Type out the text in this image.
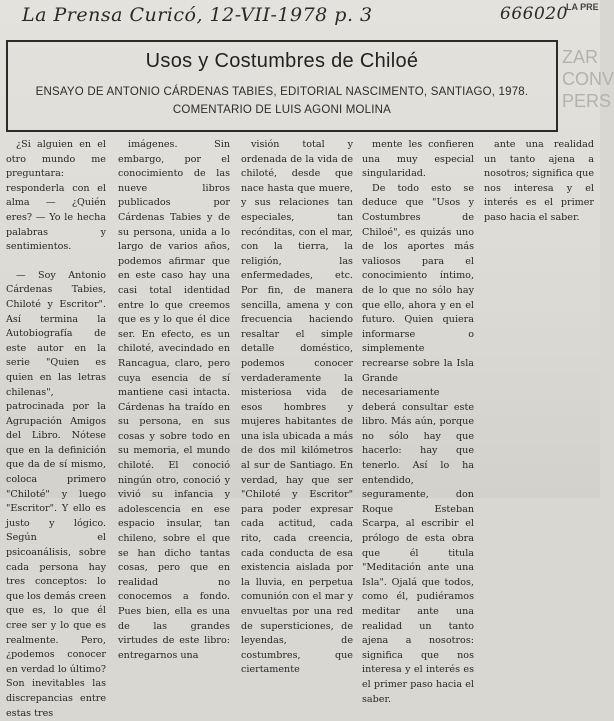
La Prensa Curicó, 12-VII-1978 p. 3	666020
LA PRE
Usos y Costumbres de Chiloé
ENSAYO DE ANTONIO CÁRDENAS TABIES, EDITORIAL NASCIMENTO, SANTIAGO, 1978.
COMENTARIO DE LUIS AGONI MOLINA
ZAR CONV PERS

¿Si alguien en el otro mundo me preguntara: responderla con el alma — ¿Quién eres? — Yo le hecha palabras y sentimientos.

— Soy Antonio Cárdenas Tabies, Chiloté y Escritor". Así termina la Autobiografía de este autor en la serie "Quien es quien en las letras chilenas", patrocinada por la Agrupación Amigos del Libro. Nótese que en la definición que da de sí mismo, coloca primero "Chiloté" y luego "Escritor". Y ello es justo y lógico. Según el psicoanálisis, sobre cada persona hay tres conceptos: lo que los demás creen que es, lo que él cree ser y lo que es realmente. Pero, ¿podemos conocer en verdad lo último? Son inevitables las discrepancias entre estas tres

imágenes. Sin embargo, por el conocimiento de las nueve libros publicados por Cárdenas Tabies y de su persona, unida a lo largo de varios años, podemos afirmar que en este caso hay una casi total identidad entre lo que creemos que es y lo que él dice ser. En efecto, es un chiloté, avecindado en Rancagua, claro, pero cuya esencia de sí mantiene casi intacta. Cárdenas ha traído en su persona, en sus cosas y sobre todo en su memoria, el mundo chiloté. El conoció ningún otro, conoció y vivió su infancia y adolescencia en ese espacio insular, tan chileno, sobre el que se han dicho tantas cosas, pero que en realidad no conocemos a fondo. Pues bien, ella es una de las grandes virtudes de este libro: entregarnos una

visión total y ordenada de la vida de chiloté, desde que nace hasta que muere, y sus relaciones tan especiales, tan recónditas, con el mar, con la tierra, la religión, las enfermedades, etc. Por fin, de manera sencilla, amena y con frecuencia haciendo resaltar el simple detalle doméstico, podemos conocer verdaderamente la misteriosa vida de esos hombres y mujeres habitantes de una isla ubicada a más de dos mil kilómetros al sur de Santiago. En verdad, hay que ser "Chiloté y Escritor" para poder expresar cada actitud, cada rito, cada creencia, cada conducta de esa existencia aislada por la lluvia, en perpetua comunión con el mar y envueltas por una red de supersticiones, de leyendas, de costumbres, que ciertamente

mente les confieren una muy especial singularidad.

De todo esto se deduce que "Usos y Costumbres de Chiloé", es quizás uno de los aportes más valiosos para el conocimiento íntimo, de lo que no sólo hay que ello, ahora y en el futuro. Quien quiera informarse o simplemente recrearse sobre la Isla Grande necesariamente deberá consultar este libro. Más aún, porque no sólo hay que hacerlo: hay que tenerlo. Así lo ha entendido, seguramente, don Roque Esteban Scarpa, al escribir el prólogo de esta obra que él titula "Meditación ante una Isla". Ojalá que todos, como él, pudiéramos meditar ante una realidad un tanto ajena a nosotros: significa que nos interesa y el interés es el primer paso hacia el saber.

ante una realidad un tanto ajena a nosotros; significa que nos interesa y el interés es el primer paso hacia el saber.
